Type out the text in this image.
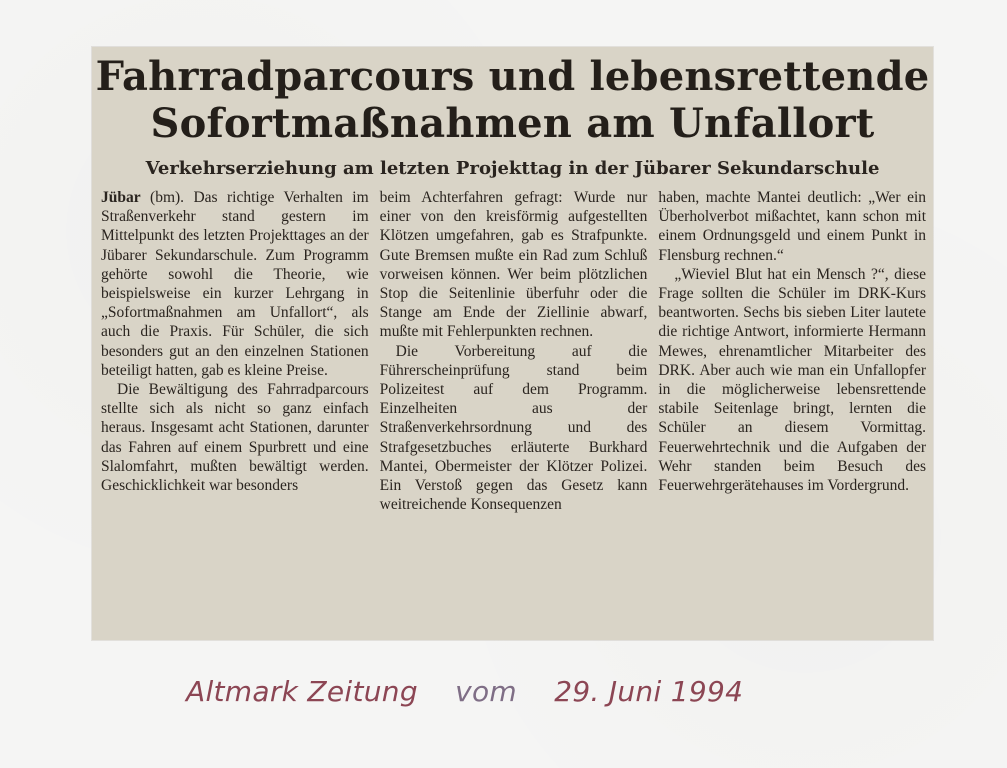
Fahrradparcours und lebensrettende
Sofortmaßnahmen am Unfallort
Verkehrserziehung am letzten Projekttag in der Jübarer Sekundarschule

Jübar (bm). Das richtige Verhalten im Straßenverkehr stand gestern im Mittelpunkt des letzten Projekttages an der Jübarer Sekundarschule. Zum Programm gehörte sowohl die Theorie, wie beispielsweise ein kurzer Lehrgang in „Sofortmaßnahmen am Unfallort“, als auch die Praxis. Für Schüler, die sich besonders gut an den einzelnen Stationen beteiligt hatten, gab es kleine Preise.

Die Bewältigung des Fahrradparcours stellte sich als nicht so ganz einfach heraus. Insgesamt acht Stationen, darunter das Fahren auf einem Spurbrett und eine Slalomfahrt, mußten bewältigt werden. Geschicklichkeit war besonders

beim Achterfahren gefragt: Wurde nur einer von den kreisförmig aufgestellten Klötzen umgefahren, gab es Strafpunkte. Gute Bremsen mußte ein Rad zum Schluß vorweisen können. Wer beim plötzlichen Stop die Seitenlinie überfuhr oder die Stange am Ende der Ziellinie abwarf, mußte mit Fehlerpunkten rechnen.

Die Vorbereitung auf die Führerscheinprüfung stand beim Polizeitest auf dem Programm. Einzelheiten aus der Straßenverkehrsordnung und des Strafgesetzbuches erläuterte Burkhard Mantei, Obermeister der Klötzer Polizei. Ein Verstoß gegen das Gesetz kann weitreichende Konsequenzen

haben, machte Mantei deutlich: „Wer ein Überholverbot mißachtet, kann schon mit einem Ordnungsgeld und einem Punkt in Flensburg rechnen.“

„Wieviel Blut hat ein Mensch ?“, diese Frage sollten die Schüler im DRK-Kurs beantworten. Sechs bis sieben Liter lautete die richtige Antwort, informierte Hermann Mewes, ehrenamtlicher Mitarbeiter des DRK. Aber auch wie man ein Unfallopfer in die möglicherweise lebensrettende stabile Seitenlage bringt, lernten die Schüler an diesem Vormittag. Feuerwehrtechnik und die Aufgaben der Wehr standen beim Besuch des Feuerwehrgerätehauses im Vordergrund.

Altmark Zeitung vom 29. Juni 1994
